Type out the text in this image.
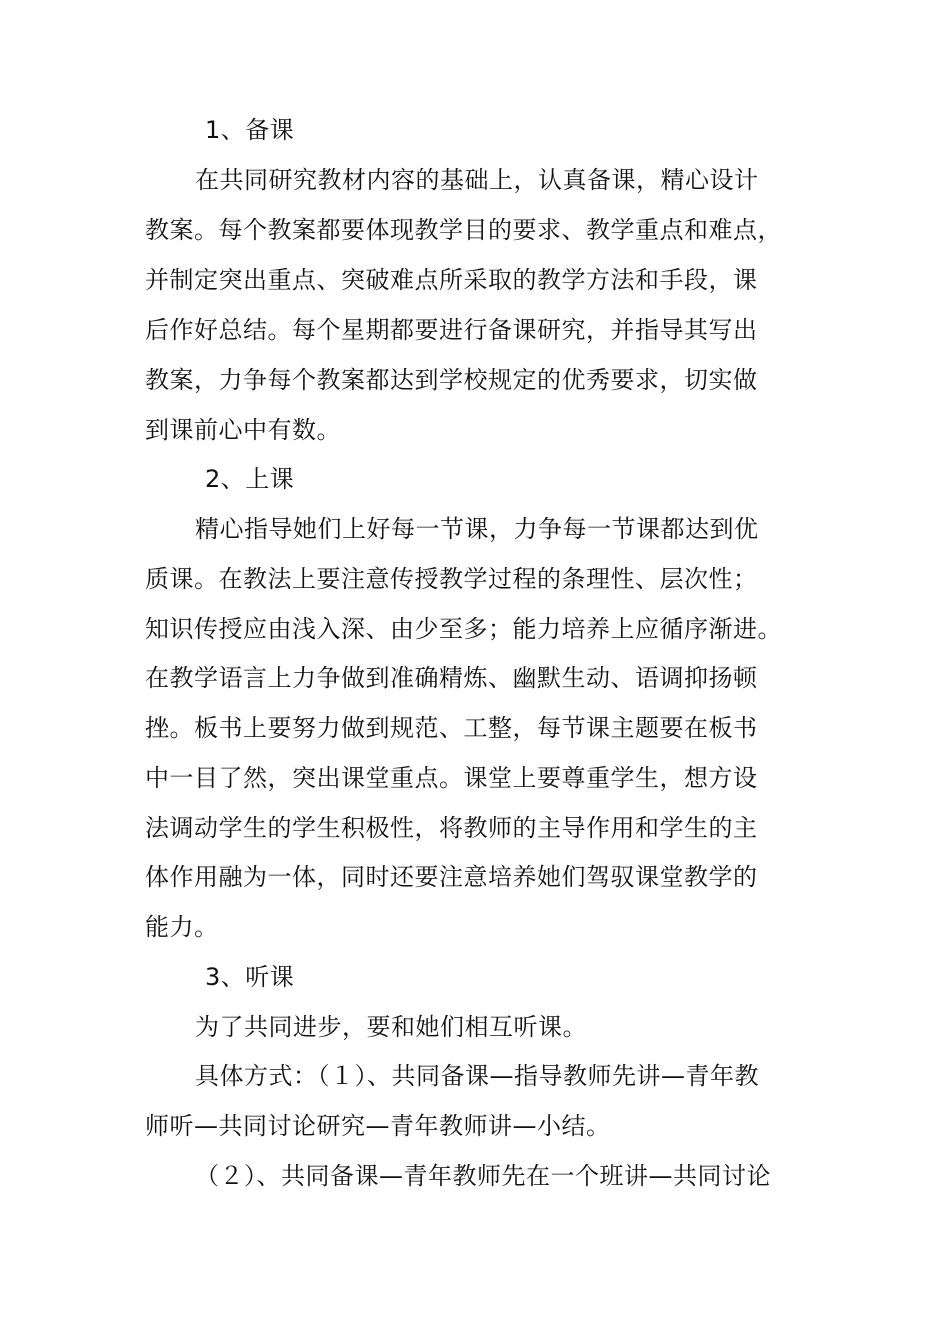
1、备课
在共同研究教材内容的基础上，认真备课，精心设计
教案。每个教案都要体现教学目的要求、教学重点和难点，
并制定突出重点、突破难点所采取的教学方法和手段，课
后作好总结。每个星期都要进行备课研究，并指导其写出
教案，力争每个教案都达到学校规定的优秀要求，切实做
到课前心中有数。
2、上课
精心指导她们上好每一节课，力争每一节课都达到优
质课。在教法上要注意传授教学过程的条理性、层次性；
知识传授应由浅入深、由少至多；能力培养上应循序渐进。
在教学语言上力争做到准确精炼、幽默生动、语调抑扬顿
挫。板书上要努力做到规范、工整，每节课主题要在板书
中一目了然，突出课堂重点。课堂上要尊重学生，想方设
法调动学生的学生积极性，将教师的主导作用和学生的主
体作用融为一体，同时还要注意培养她们驾驭课堂教学的
能力。
3、听课
为了共同进步，要和她们相互听课。
具体方式：（１）、共同备课—指导教师先讲—青年教
师听—共同讨论研究—青年教师讲—小结。
（２）、共同备课—青年教师先在一个班讲—共同讨论
